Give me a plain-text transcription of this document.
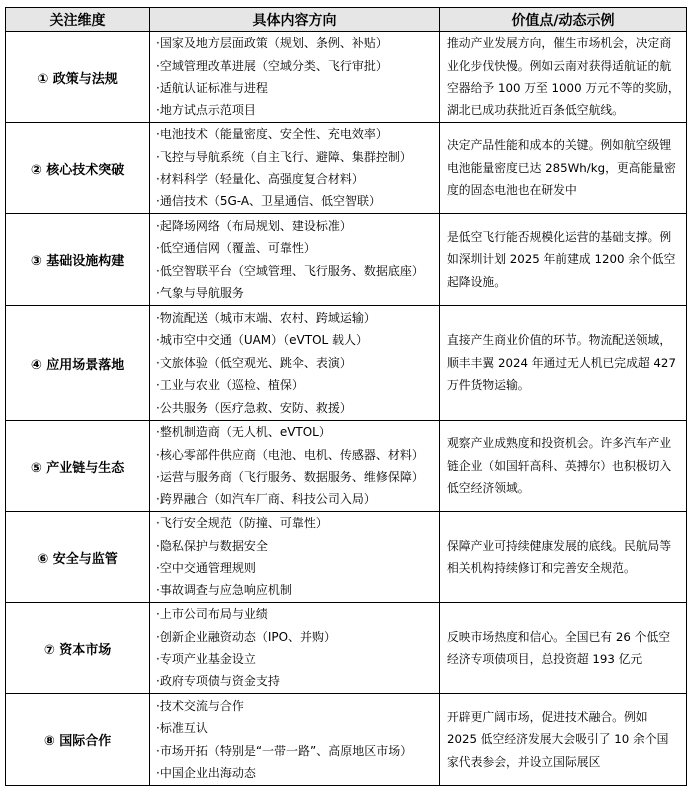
关注维度	具体内容方向	价值点/动态示例
① 政策与法规	·国家及地方层面政策（规划、条例、补贴）
·空域管理改革进展（空域分类、飞行审批）
·适航认证标准与进程
·地方试点示范项目	推动产业发展方向，催生市场机会，决定商业化步伐快慢。例如云南对获得适航证的航空器给予 100 万至 1000 万元不等的奖励，湖北已成功获批近百条低空航线。
② 核心技术突破	·电池技术（能量密度、安全性、充电效率）
·飞控与导航系统（自主飞行、避障、集群控制）
·材料科学（轻量化、高强度复合材料）
·通信技术（5G-A、卫星通信、低空智联）	决定产品性能和成本的关键。例如航空级锂电池能量密度已达 285Wh/kg，更高能量密度的固态电池也在研发中
③ 基础设施构建	·起降场网络（布局规划、建设标准）
·低空通信网（覆盖、可靠性）
·低空智联平台（空域管理、飞行服务、数据底座）
·气象与导航服务	是低空飞行能否规模化运营的基础支撑。例如深圳计划 2025 年前建成 1200 余个低空起降设施。
④ 应用场景落地	·物流配送（城市末端、农村、跨域运输）
·城市空中交通（UAM）（eVTOL 载人）
·文旅体验（低空观光、跳伞、表演）
·工业与农业（巡检、植保）
·公共服务（医疗急救、安防、救援）	直接产生商业价值的环节。物流配送领域，顺丰丰翼 2024 年通过无人机已完成超 427 万件货物运输。
⑤ 产业链与生态	·整机制造商（无人机、eVTOL）
·核心零部件供应商（电池、电机、传感器、材料）
·运营与服务商（飞行服务、数据服务、维修保障）
·跨界融合（如汽车厂商、科技公司入局）	观察产业成熟度和投资机会。许多汽车产业链企业（如国轩高科、英搏尔）也积极切入低空经济领域。
⑥ 安全与监管	·飞行安全规范（防撞、可靠性）
·隐私保护与数据安全
·空中交通管理规则
·事故调查与应急响应机制	保障产业可持续健康发展的底线。民航局等相关机构持续修订和完善安全规范。
⑦ 资本市场	·上市公司布局与业绩
·创新企业融资动态（IPO、并购）
·专项产业基金设立
·政府专项债与资金支持	反映市场热度和信心。全国已有 26 个低空经济专项债项目，总投资超 193 亿元
⑧ 国际合作	·技术交流与合作
·标准互认
·市场开拓（特别是“一带一路”、高原地区市场）
·中国企业出海动态	开辟更广阔市场，促进技术融合。例如 2025 低空经济发展大会吸引了 10 余个国家代表参会，并设立国际展区
